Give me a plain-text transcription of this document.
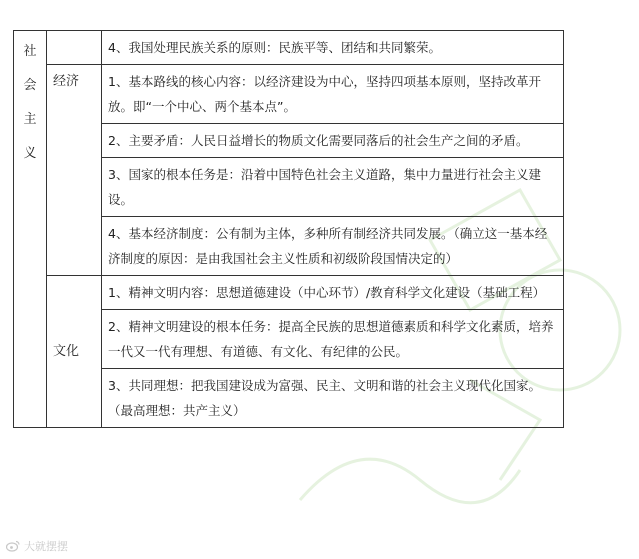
社
会
主
义		4、我国处理民族关系的原则：民族平等、团结和共同繁荣。

	经济	1、基本路线的核心内容：以经济建设为中心，坚持四项基本原则，坚持改革开放。即“一个中心、两个基本点”。
		2、主要矛盾：人民日益增长的物质文化需要同落后的社会生产之间的矛盾。
		3、国家的根本任务是：沿着中国特色社会主义道路，集中力量进行社会主义建设。
		4、基本经济制度：公有制为主体，多种所有制经济共同发展。（确立这一基本经济制度的原因：是由我国社会主义性质和初级阶段国情决定的）

	文化	1、精神文明内容：思想道德建设（中心环节）/教育科学文化建设（基础工程）
		2、精神文明建设的根本任务：提高全民族的思想道德素质和科学文化素质，培养一代又一代有理想、有道德、有文化、有纪律的公民。
		3、共同理想：把我国建设成为富强、民主、文明和谐的社会主义现代化国家。（最高理想：共产主义）
大就摆摆
